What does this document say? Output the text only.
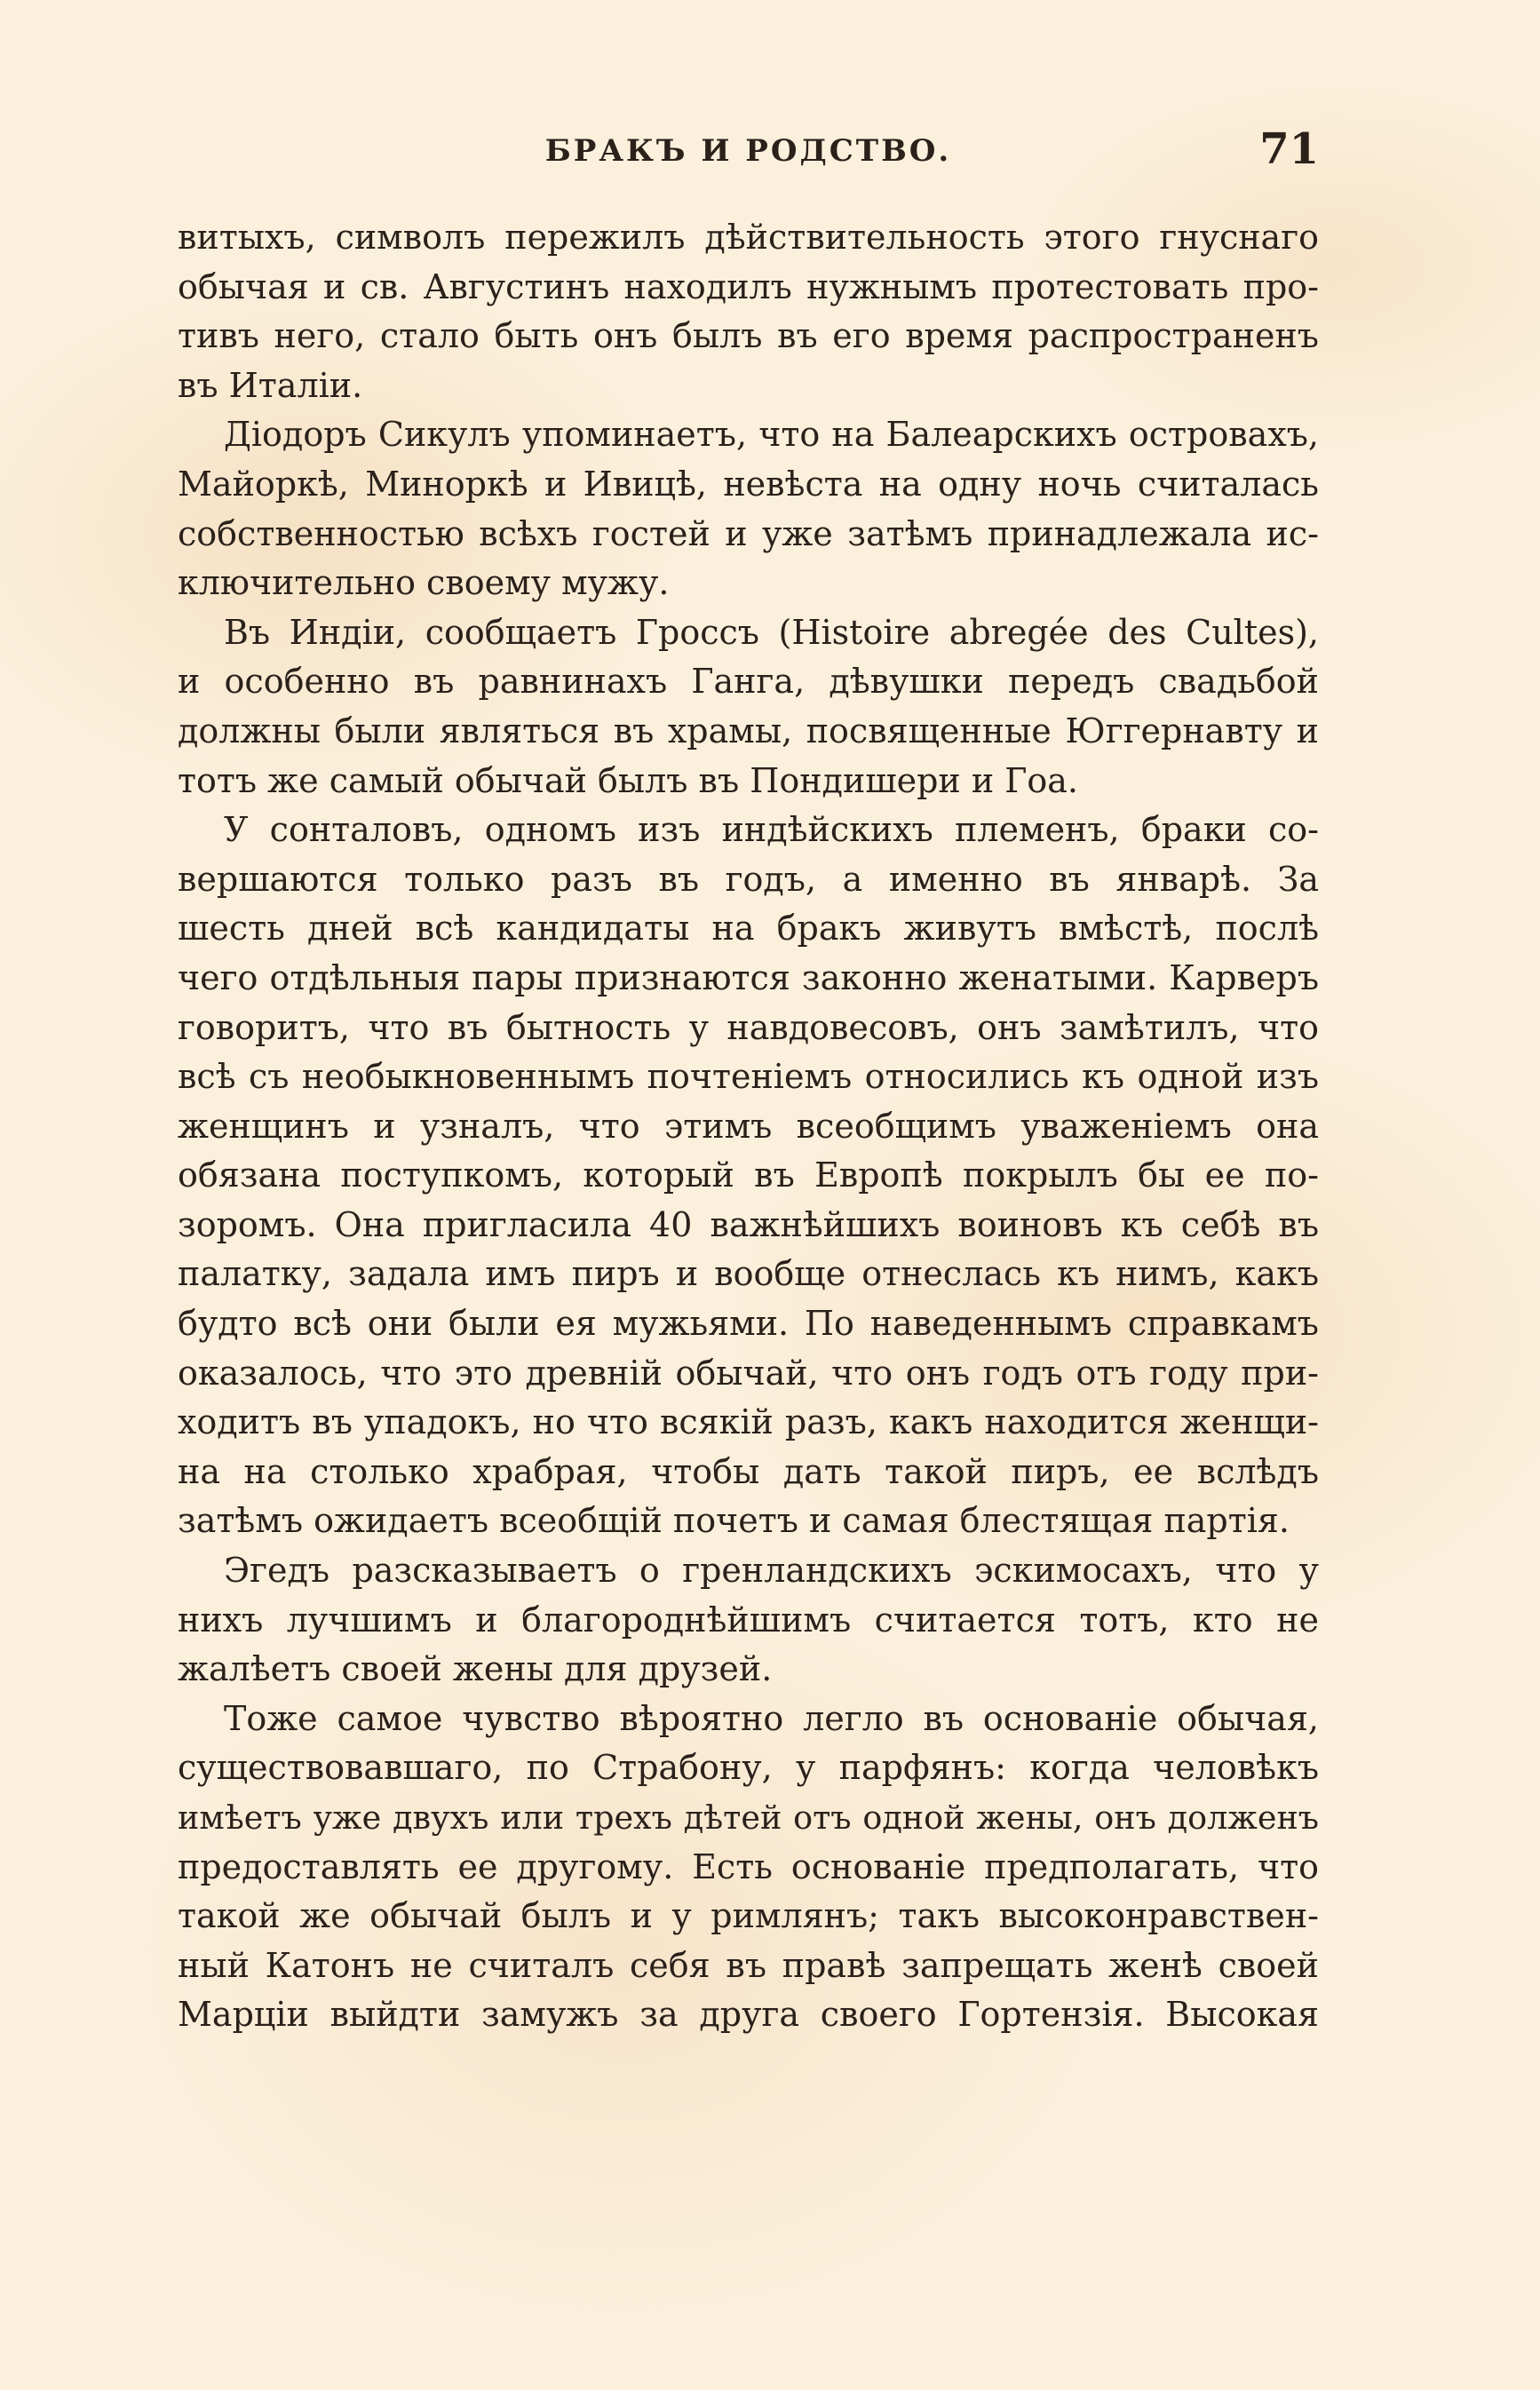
БРАКЪ И РОДСТВО.	71
витыхъ, символъ пережилъ дѣйствительность этого гнуснаго
обычая и св. Августинъ находилъ нужнымъ протестовать про-
тивъ него, стало быть онъ былъ въ его время распространенъ
въ Италіи.
Діодоръ Сикулъ упоминаетъ, что на Балеарскихъ островахъ,
Майоркѣ, Миноркѣ и Ивицѣ, невѣста на одну ночь считалась
собственностью всѣхъ гостей и уже затѣмъ принадлежала ис-
ключительно своему мужу.
Въ Индіи, сообщаетъ Гроссъ (Histoire abregée des Cultes),
и особенно въ равнинахъ Ганга, дѣвушки передъ свадьбой
должны были являться въ храмы, посвященные Юггернавту и
тотъ же самый обычай былъ въ Пондишери и Гоа.
У сонталовъ, одномъ изъ индѣйскихъ племенъ, браки со-
вершаются только разъ въ годъ, а именно въ январѣ. За
шесть дней всѣ кандидаты на бракъ живутъ вмѣстѣ, послѣ
чего отдѣльныя пары признаются законно женатыми. Карверъ
говоритъ, что въ бытность у навдовесовъ, онъ замѣтилъ, что
всѣ съ необыкновеннымъ почтеніемъ относились къ одной изъ
женщинъ и узналъ, что этимъ всеобщимъ уваженіемъ она
обязана поступкомъ, который въ Европѣ покрылъ бы ее по-
зоромъ. Она пригласила 40 важнѣйшихъ воиновъ къ себѣ въ
палатку, задала имъ пиръ и вообще отнеслась къ нимъ, какъ
будто всѣ они были ея мужьями. По наведеннымъ справкамъ
оказалось, что это древній обычай, что онъ годъ отъ году при-
ходитъ въ упадокъ, но что всякій разъ, какъ находится женщи-
на на столько храбрая, чтобы дать такой пиръ, ее вслѣдъ
затѣмъ ожидаетъ всеобщій почетъ и самая блестящая партія.
Эгедъ разсказываетъ о гренландскихъ эскимосахъ, что у
нихъ лучшимъ и благороднѣйшимъ считается тотъ, кто не
жалѣетъ своей жены для друзей.
Тоже самое чувство вѣроятно легло въ основаніе обычая,
существовавшаго, по Страбону, у парфянъ: когда человѣкъ
имѣетъ уже двухъ или трехъ дѣтей отъ одной жены, онъ долженъ
предоставлять ее другому. Есть основаніе предполагать, что
такой же обычай былъ и у римлянъ; такъ высоконравствен-
ный Катонъ не считалъ себя въ правѣ запрещать женѣ своей
Марціи выйдти замужъ за друга своего Гортензія. Высокая
